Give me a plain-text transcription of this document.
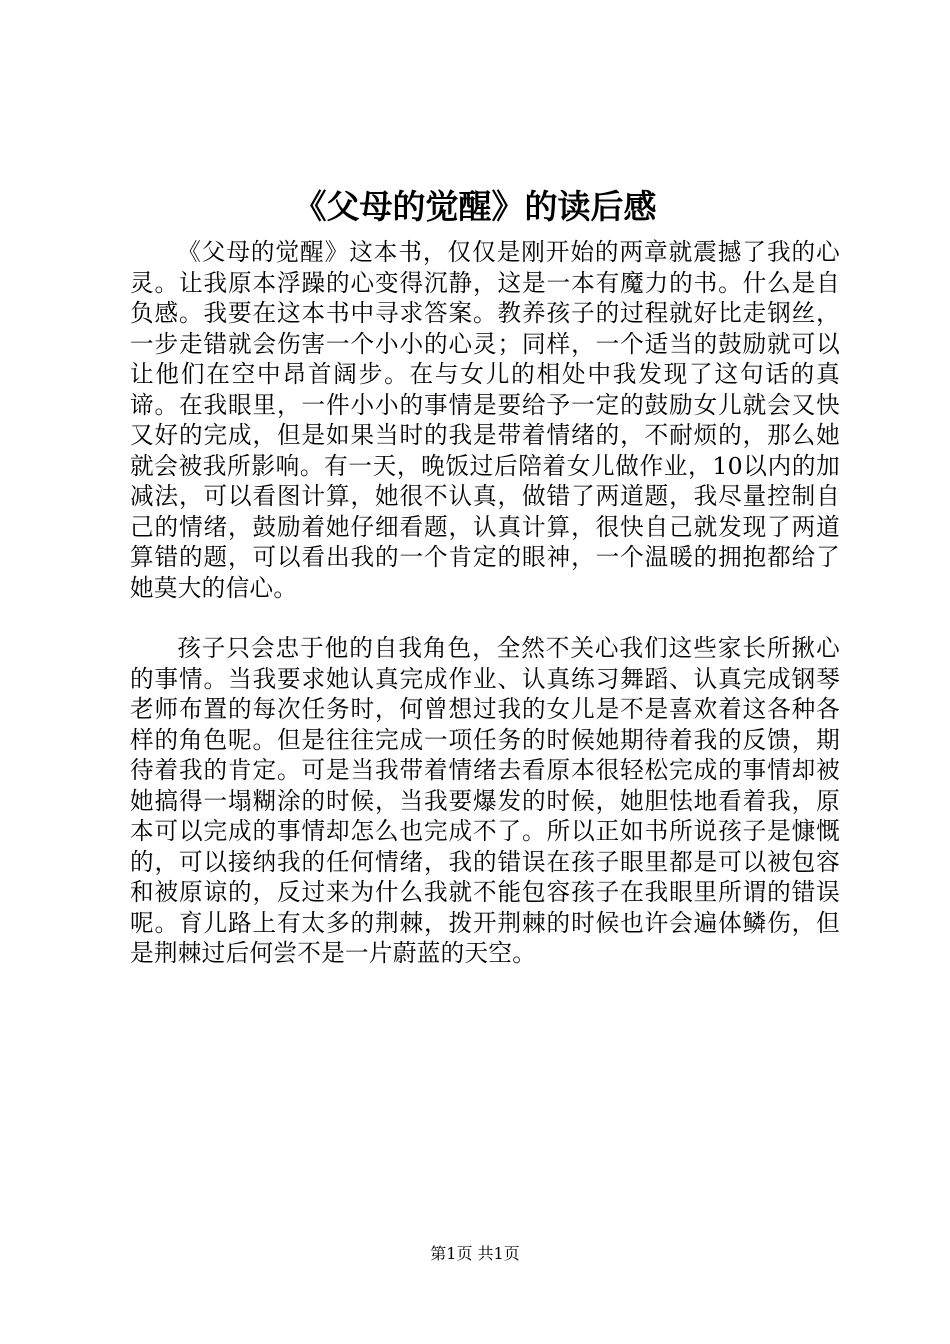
《父母的觉醒》的读后感

《父母的觉醒》这本书，仅仅是刚开始的两章就震撼了我的心灵。让我原本浮躁的心变得沉静，这是一本有魔力的书。什么是自负感。我要在这本书中寻求答案。教养孩子的过程就好比走钢丝，一步走错就会伤害一个小小的心灵；同样，一个适当的鼓励就可以让他们在空中昂首阔步。在与女儿的相处中我发现了这句话的真谛。在我眼里，一件小小的事情是要给予一定的鼓励女儿就会又快又好的完成，但是如果当时的我是带着情绪的，不耐烦的，那么她就会被我所影响。有一天，晚饭过后陪着女儿做作业，10以内的加减法，可以看图计算，她很不认真，做错了两道题，我尽量控制自己的情绪，鼓励着她仔细看题，认真计算，很快自己就发现了两道算错的题，可以看出我的一个肯定的眼神，一个温暖的拥抱都给了她莫大的信心。

孩子只会忠于他的自我角色，全然不关心我们这些家长所揪心的事情。当我要求她认真完成作业、认真练习舞蹈、认真完成钢琴老师布置的每次任务时，何曾想过我的女儿是不是喜欢着这各种各样的角色呢。但是往往完成一项任务的时候她期待着我的反馈，期待着我的肯定。可是当我带着情绪去看原本很轻松完成的事情却被她搞得一塌糊涂的时候，当我要爆发的时候，她胆怯地看着我，原本可以完成的事情却怎么也完成不了。所以正如书所说孩子是慷慨的，可以接纳我的任何情绪，我的错误在孩子眼里都是可以被包容和被原谅的，反过来为什么我就不能包容孩子在我眼里所谓的错误呢。育儿路上有太多的荆棘，拨开荆棘的时候也许会遍体鳞伤，但是荆棘过后何尝不是一片蔚蓝的天空。

第1页 共1页
